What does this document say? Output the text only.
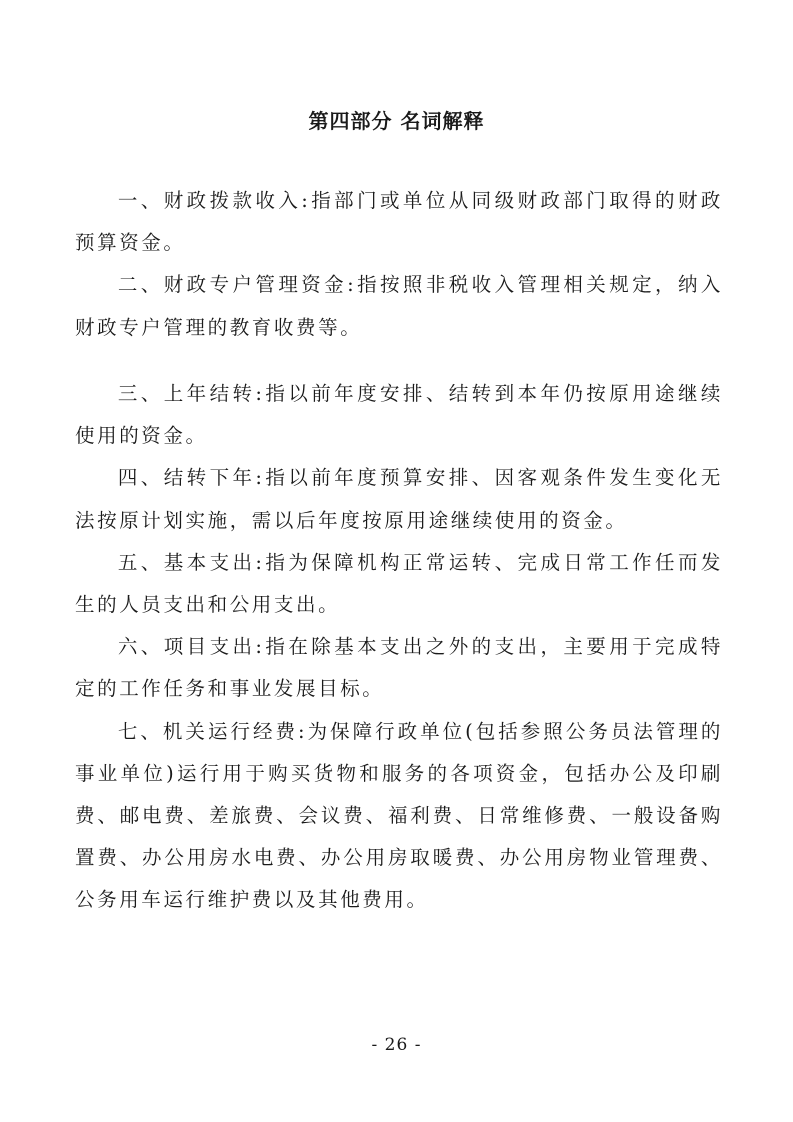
第四部分 名词解释

一、财政拨款收入:指部门或单位从同级财政部门取得的财政预算资金。

二、财政专户管理资金:指按照非税收入管理相关规定，纳入财政专户管理的教育收费等。

三、上年结转:指以前年度安排、结转到本年仍按原用途继续使用的资金。

四、结转下年:指以前年度预算安排、因客观条件发生变化无法按原计划实施，需以后年度按原用途继续使用的资金。

五、基本支出:指为保障机构正常运转、完成日常工作任而发生的人员支出和公用支出。

六、项目支出:指在除基本支出之外的支出，主要用于完成特定的工作任务和事业发展目标。

七、机关运行经费:为保障行政单位(包括参照公务员法管理的事业单位)运行用于购买货物和服务的各项资金，包括办公及印刷费、邮电费、差旅费、会议费、福利费、日常维修费、一般设备购置费、办公用房水电费、办公用房取暖费、办公用房物业管理费、公务用车运行维护费以及其他费用。

- 26 -
